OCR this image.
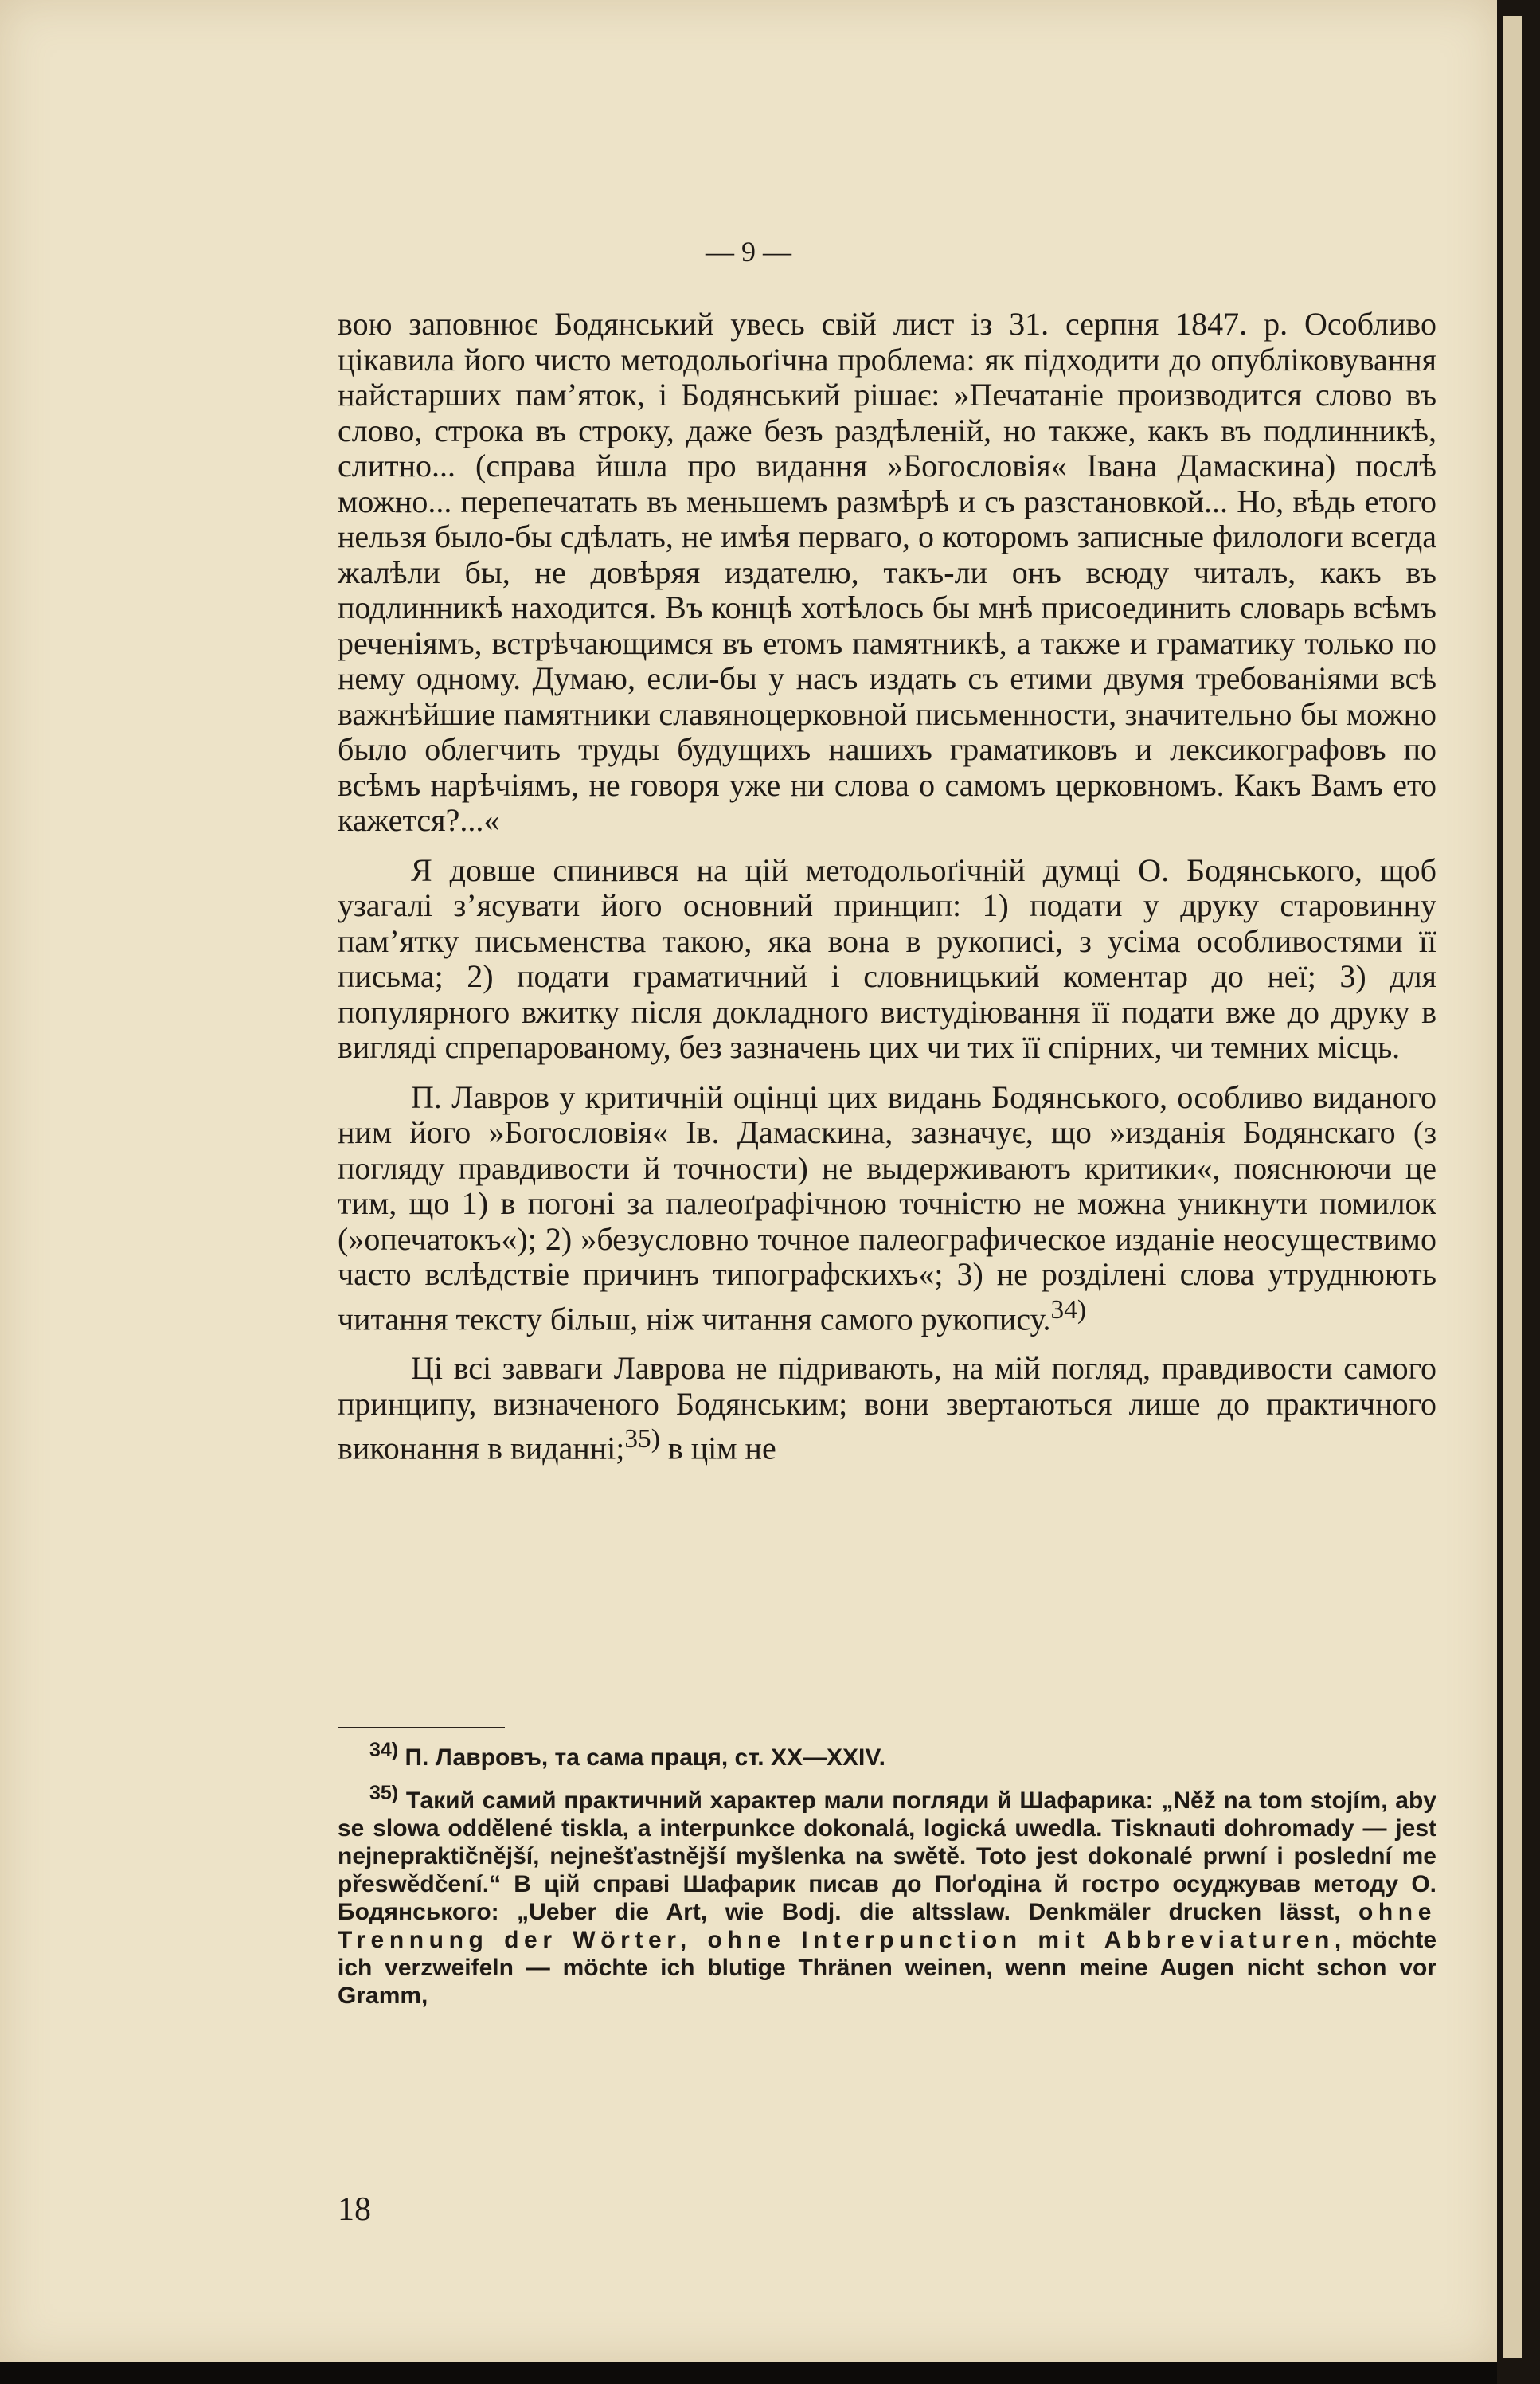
— 9 —

вою заповнює Бодянський увесь свій лист із 31. серпня 1847. р. Особливо цікавила його чисто методольоґічна проблема: як підходити до опубліковування найстарших пам’яток, і Бодянський рішає: »Печатаніе производится слово въ слово, строка въ строку, даже безъ раздѣленій, но также, какъ въ подлинникѣ, слитно... (справа йшла про видання »Богословія« Івана Дамаскина) послѣ можно... перепечатать въ меньшемъ размѣрѣ и съ разстановкой... Но, вѣдь етого нельзя было-бы сдѣлать, не имѣя перваго, о которомъ записные филологи всегда жалѣли бы, не довѣряя издателю, такъ-ли онъ всюду читалъ, какъ въ подлинникѣ находится. Въ концѣ хотѣлось бы мнѣ присоединить словарь всѣмъ реченіямъ, встрѣчающимся въ етомъ памятникѣ, а также и граматику только по нему одному. Думаю, если-бы у насъ издать съ етими двумя требованіями всѣ важнѣйшие памятники славяноцерковной письменности, значительно бы можно было облегчить труды будущихъ нашихъ граматиковъ и лексикографовъ по всѣмъ нарѣчіямъ, не говоря уже ни слова о самомъ церковномъ. Какъ Вамъ ето кажется?...«

Я довше спинився на цій методольоґічній думці О. Бодянського, щоб узагалі з’ясувати його основний принцип: 1) подати у друку старовинну пам’ятку письменства такою, яка вона в рукописі, з усіма особливостями її письма; 2) подати граматичний і словницький коментар до неї; 3) для популярного вжитку після докладного вистудіювання її подати вже до друку в вигляді спрепарованому, без зазначень цих чи тих її спірних, чи темних місць.

П. Лавров у критичній оцінці цих видань Бодянського, особливо виданого ним його »Богословія« Ів. Дамаскина, зазначує, що »изданія Бодянскаго (з погляду правдивости й точности) не выдерживаютъ критики«, пояснюючи це тим, що 1) в погоні за палеоґрафічною точністю не можна уникнути помилок (»опечатокъ«); 2) »безусловно точное палеографическое изданіе неосуществимо часто вслѣдствіе причинъ типографскихъ«; 3) не розділені слова утруднюють читання тексту більш, ніж читання самого рукопису.$^{34)}$

Ці всі завваги Лаврова не підривають, на мій погляд, правдивости самого принципу, визначеного Бодянським; вони звертаються лише до практичного виконання в виданні;$^{35)}$ в цім не

$^{34)}$ П. Лавровъ, та сама праця, ст. XX—XXIV.

$^{35)}$ Такий самий практичний характер мали погляди й Шафарика: „Něž na tom stojím, aby se slowa oddělené tiskla, a interpunkce dokonalá, logická uwedla. Tisknauti dohromady — jest nejnepraktičnější, nejnešťastnější myšlenka na swětě. Toto jest dokonalé prwní i poslední me přeswědčení.“ В цій справі Шафарик писав до Поґодіна й гостро осуджував методу О. Бодянського: „Ueber die Art, wie Bodj. die altsslaw. Denkmäler drucken lässt, ohne Trennung der Wörter, ohne Interpunction mit Abbreviaturen, möchte ich verzweifeln — möchte ich blutige Thränen weinen, wenn meine Augen nicht schon vor Gramm,

18
